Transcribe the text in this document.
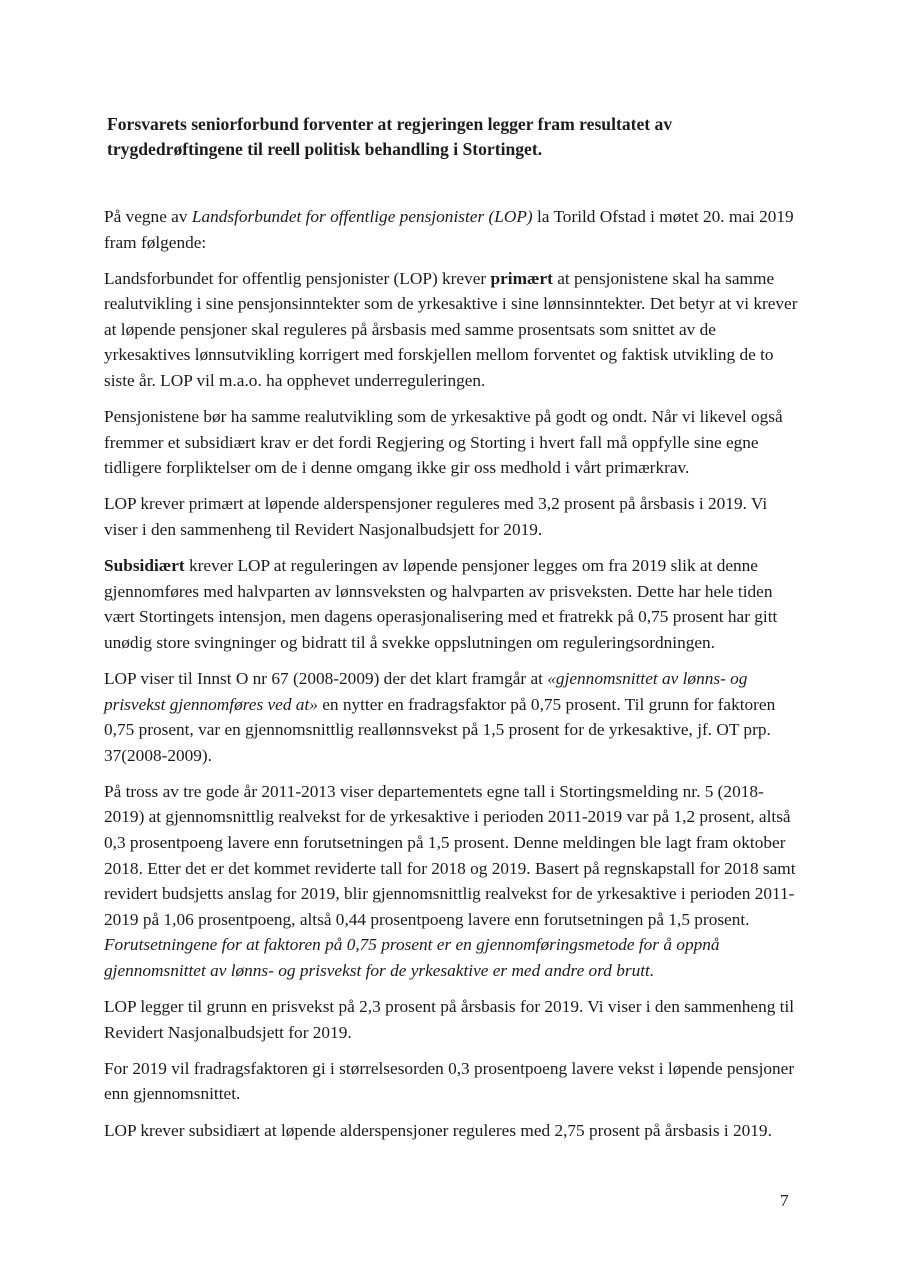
Forsvarets seniorforbund forventer at regjeringen legger fram resultatet av trygdedrøftingene til reell politisk behandling i Stortinget.

På vegne av Landsforbundet for offentlige pensjonister (LOP) la Torild Ofstad i møtet 20. mai 2019 fram følgende:

Landsforbundet for offentlig pensjonister (LOP) krever primært at pensjonistene skal ha samme realutvikling i sine pensjonsinntekter som de yrkesaktive i sine lønnsinntekter. Det betyr at vi krever at løpende pensjoner skal reguleres på årsbasis med samme prosentsats som snittet av de yrkesaktives lønnsutvikling korrigert med forskjellen mellom forventet og faktisk utvikling de to siste år. LOP vil m.a.o. ha opphevet underreguleringen.

Pensjonistene bør ha samme realutvikling som de yrkesaktive på godt og ondt. Når vi likevel også fremmer et subsidiært krav er det fordi Regjering og Storting i hvert fall må oppfylle sine egne tidligere forpliktelser om de i denne omgang ikke gir oss medhold i vårt primærkrav.

LOP krever primært at løpende alderspensjoner reguleres med 3,2 prosent på årsbasis i 2019. Vi viser i den sammenheng til Revidert Nasjonalbudsjett for 2019.

Subsidiært krever LOP at reguleringen av løpende pensjoner legges om fra 2019 slik at denne gjennomføres med halvparten av lønnsveksten og halvparten av prisveksten. Dette har hele tiden vært Stortingets intensjon, men dagens operasjonalisering med et fratrekk på 0,75 prosent har gitt unødig store svingninger og bidratt til å svekke oppslutningen om reguleringsordningen.

LOP viser til Innst O nr 67 (2008-2009) der det klart framgår at «gjennomsnittet av lønns- og prisvekst gjennomføres ved at» en nytter en fradragsfaktor på 0,75 prosent. Til grunn for faktoren 0,75 prosent, var en gjennomsnittlig reallønnsvekst på 1,5 prosent for de yrkesaktive, jf. OT prp. 37(2008-2009).

På tross av tre gode år 2011-2013 viser departementets egne tall i Stortingsmelding nr. 5 (2018-2019) at gjennomsnittlig realvekst for de yrkesaktive i perioden 2011-2019 var på 1,2 prosent, altså 0,3 prosentpoeng lavere enn forutsetningen på 1,5 prosent. Denne meldingen ble lagt fram oktober 2018. Etter det er det kommet reviderte tall for 2018 og 2019. Basert på regnskapstall for 2018 samt revidert budsjetts anslag for 2019, blir gjennomsnittlig realvekst for de yrkesaktive i perioden 2011-2019 på 1,06 prosentpoeng, altså 0,44 prosentpoeng lavere enn forutsetningen på 1,5 prosent. Forutsetningene for at faktoren på 0,75 prosent er en gjennomføringsmetode for å oppnå gjennomsnittet av lønns- og prisvekst for de yrkesaktive er med andre ord brutt.

LOP legger til grunn en prisvekst på 2,3 prosent på årsbasis for 2019. Vi viser i den sammenheng til Revidert Nasjonalbudsjett for 2019.

For 2019 vil fradragsfaktoren gi i størrelsesorden 0,3 prosentpoeng lavere vekst i løpende pensjoner enn gjennomsnittet.

LOP krever subsidiært at løpende alderspensjoner reguleres med 2,75 prosent på årsbasis i 2019.

7
